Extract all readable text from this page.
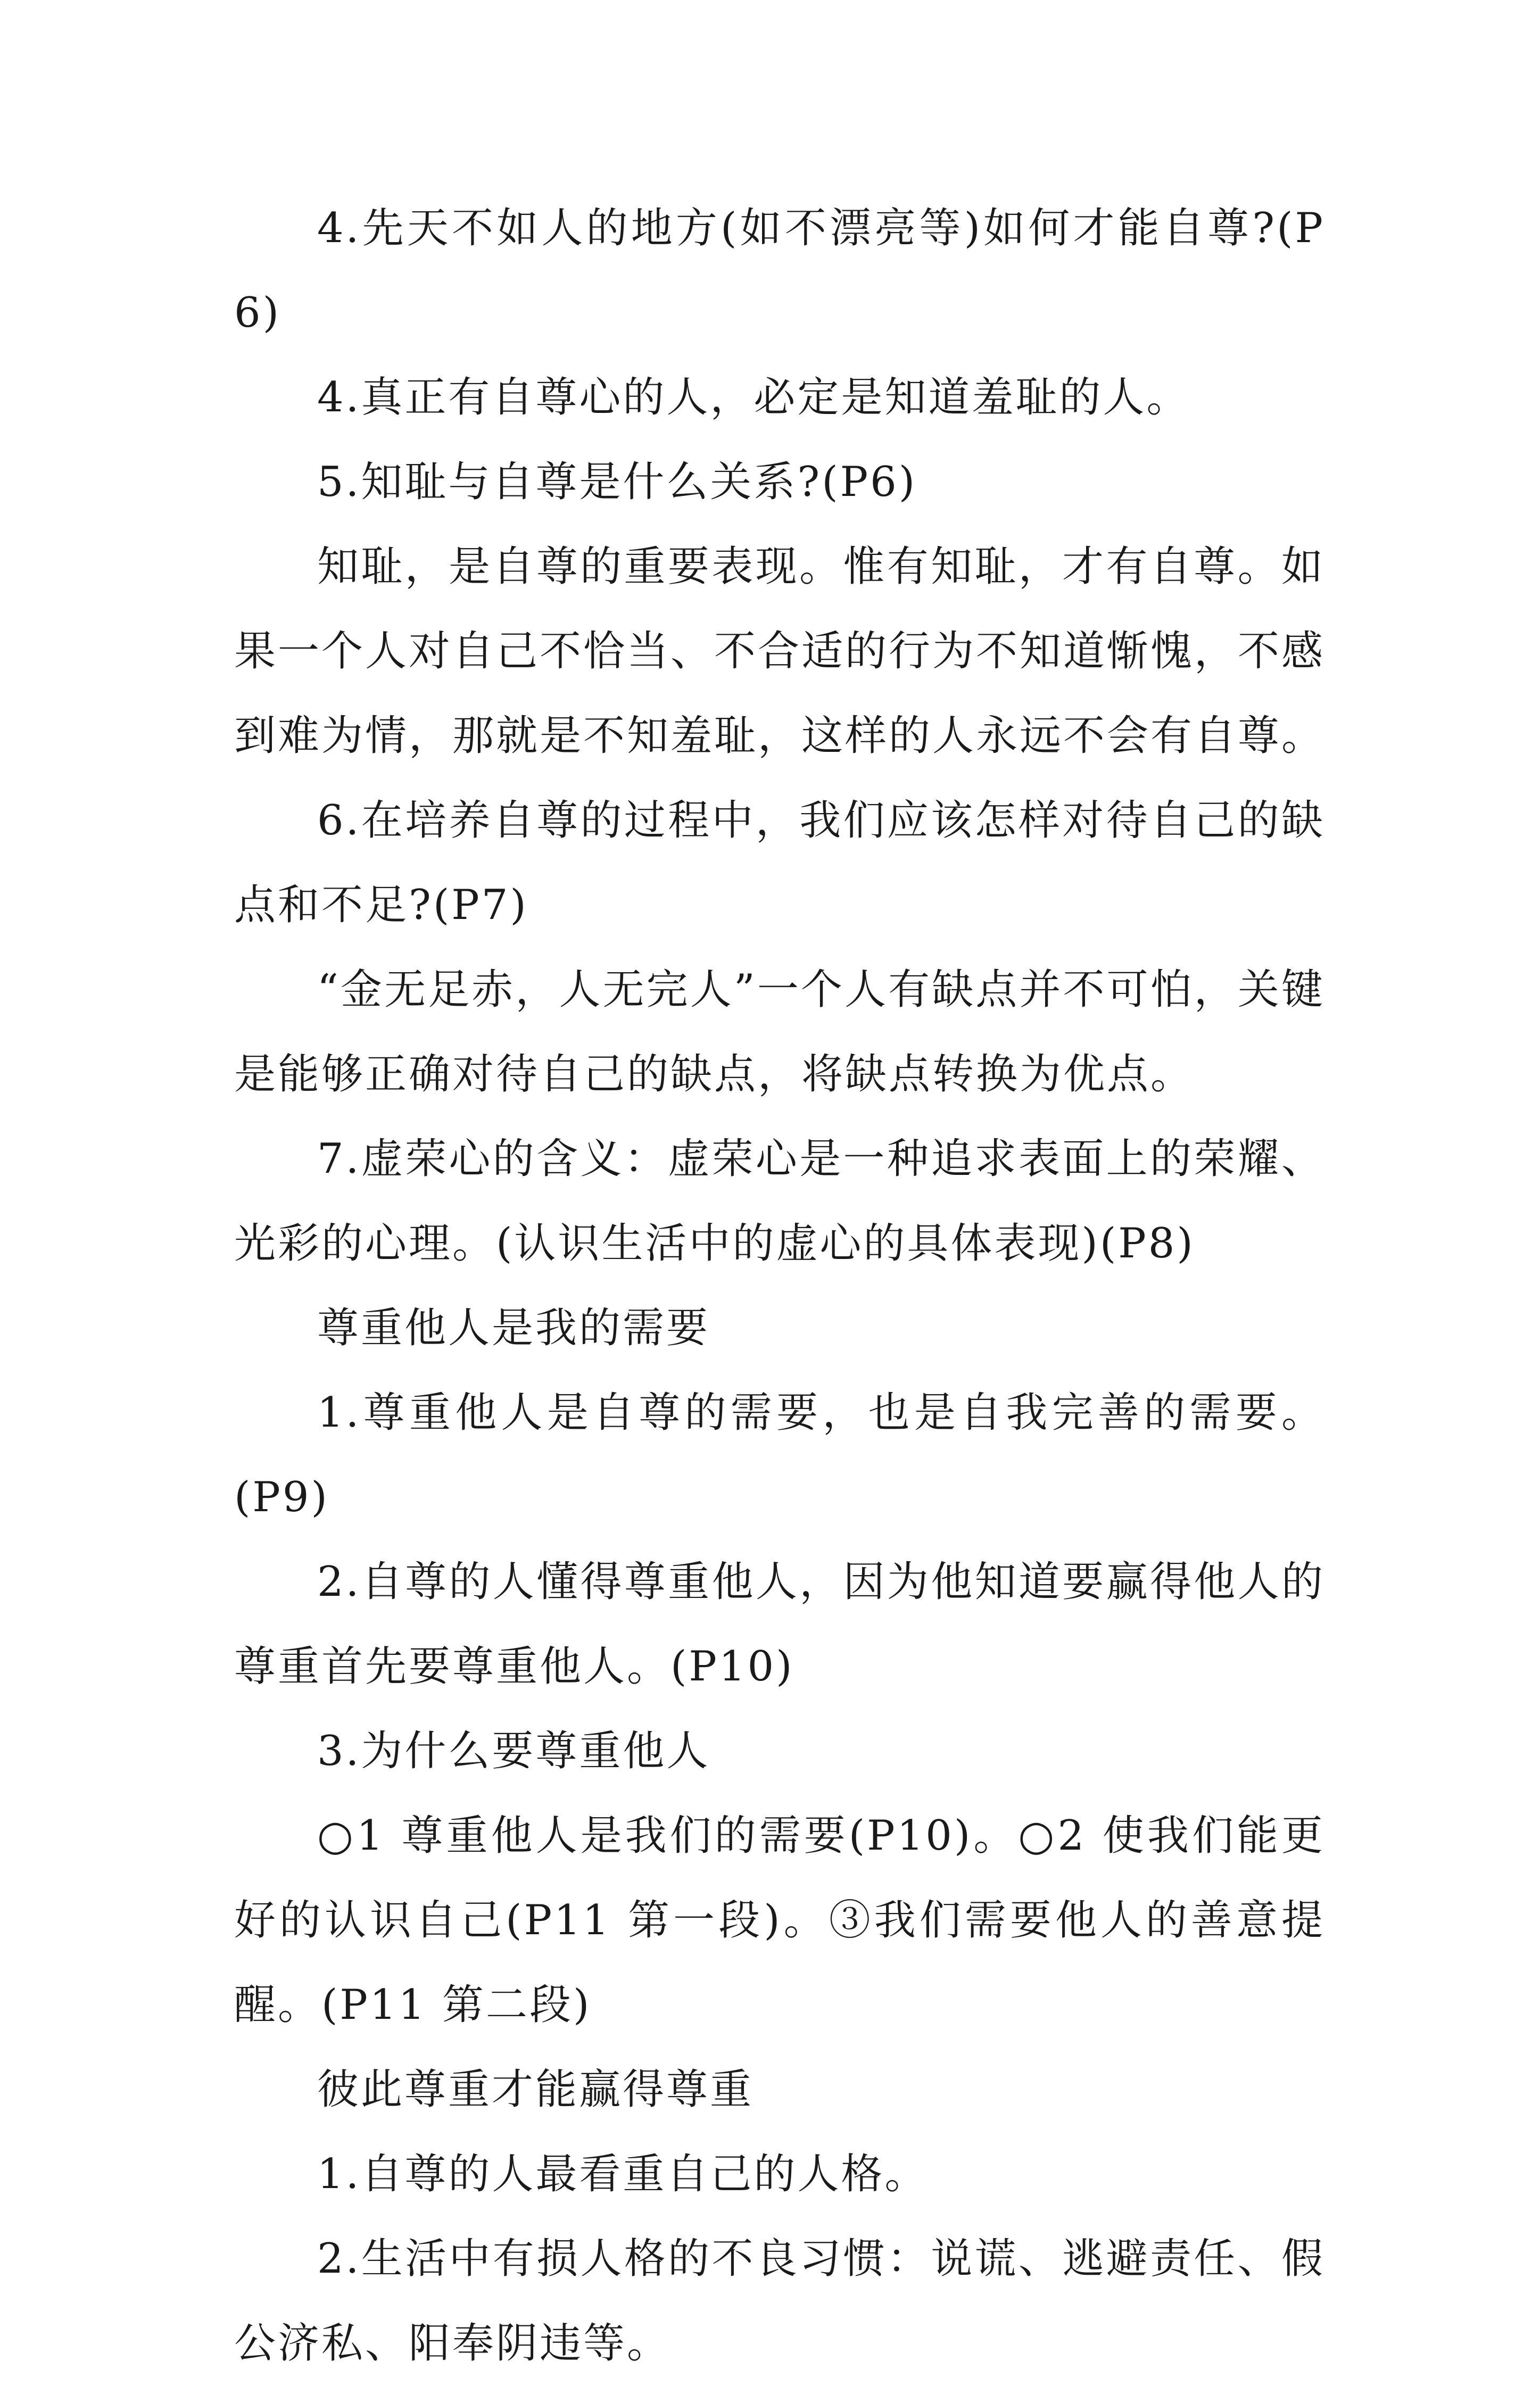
4.先天不如人的地方(如不漂亮等)如何才能自尊?(P6)

4.真正有自尊心的人，必定是知道羞耻的人。

5.知耻与自尊是什么关系?(P6)

知耻，是自尊的重要表现。惟有知耻，才有自尊。如果一个人对自己不恰当、不合适的行为不知道惭愧，不感到难为情，那就是不知羞耻，这样的人永远不会有自尊。

6.在培养自尊的过程中，我们应该怎样对待自己的缺点和不足?(P7)

“金无足赤，人无完人”一个人有缺点并不可怕，关键是能够正确对待自己的缺点，将缺点转换为优点。

7.虚荣心的含义：虚荣心是一种追求表面上的荣耀、光彩的心理。(认识生活中的虚心的具体表现)(P8)

尊重他人是我的需要

1.尊重他人是自尊的需要，也是自我完善的需要。(P9)

2.自尊的人懂得尊重他人，因为他知道要赢得他人的尊重首先要尊重他人。(P10)

3.为什么要尊重他人

○1 尊重他人是我们的需要(P10)。○2 使我们能更好的认识自己(P11 第一段)。③我们需要他人的善意提醒。(P11 第二段)

彼此尊重才能赢得尊重

1.自尊的人最看重自己的人格。

2.生活中有损人格的不良习惯：说谎、逃避责任、假公济私、阳奉阴违等。
